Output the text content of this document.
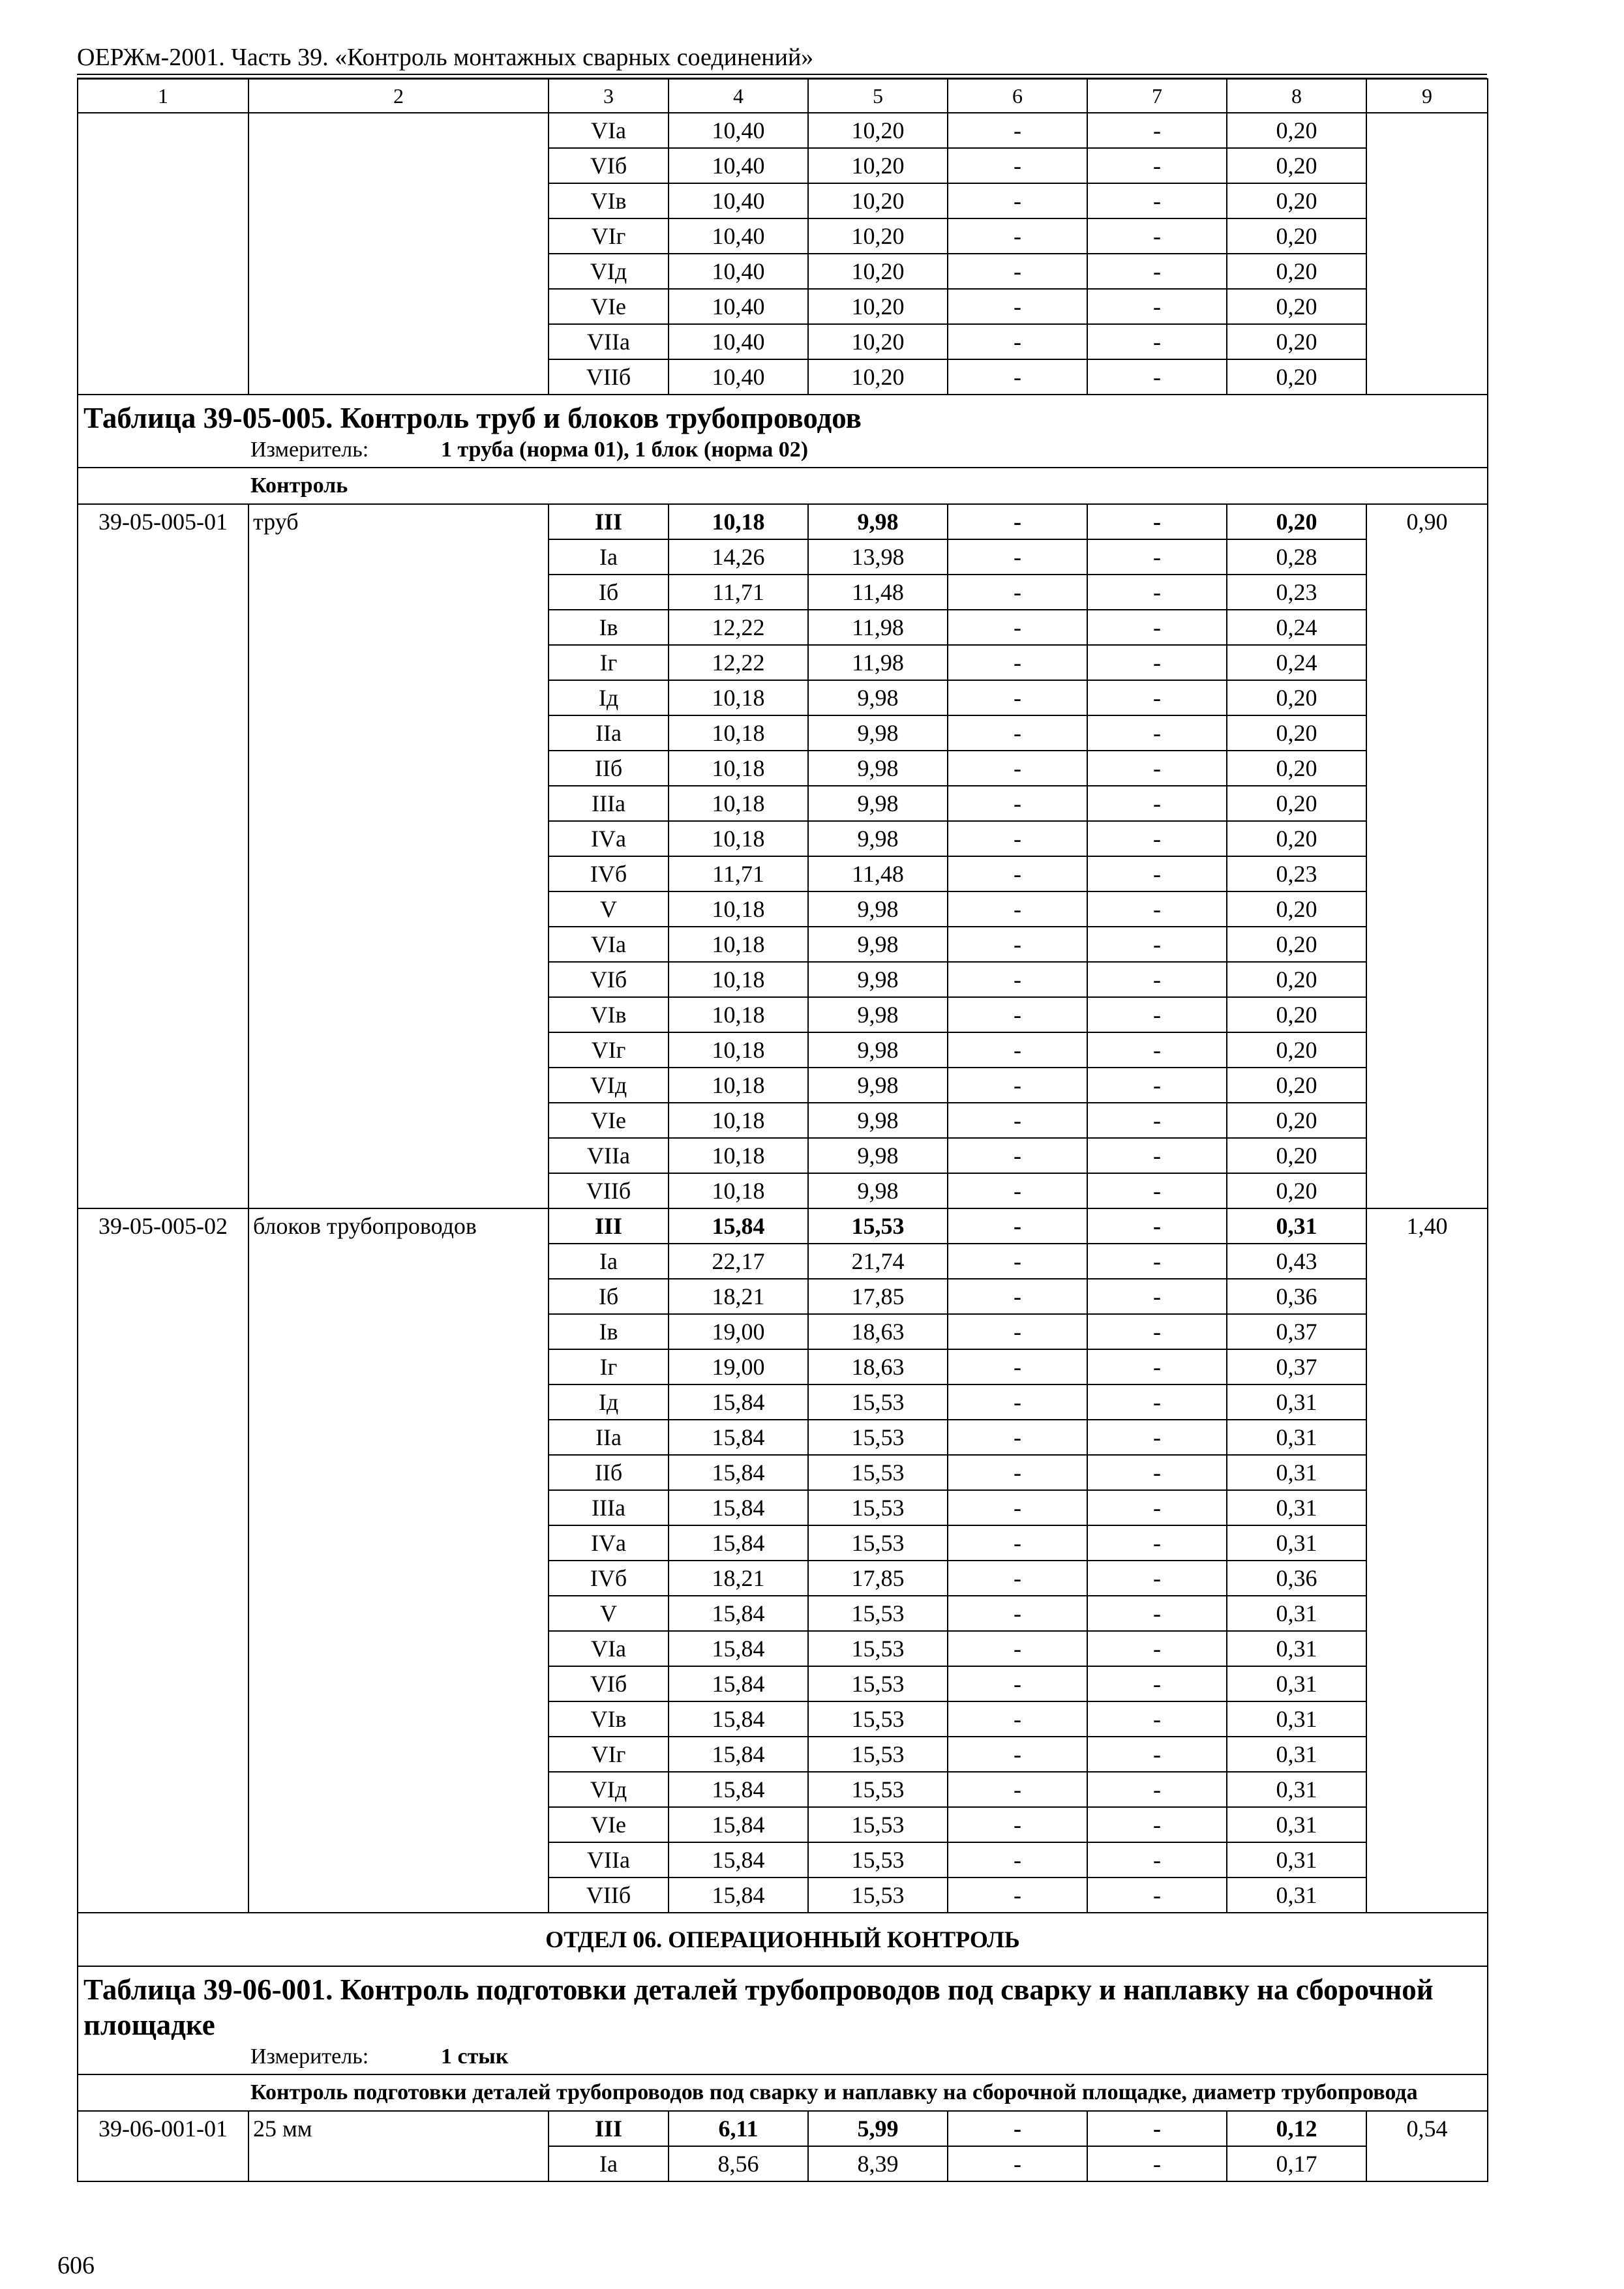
ОЕРЖм-2001. Часть 39. «Контроль монтажных сварных соединений»
1	2	3	4	5	6	7	8	9
		VIа	10,40	10,20	-	-	0,20	
		VIб	10,40	10,20	-	-	0,20	
		VIв	10,40	10,20	-	-	0,20	
		VIг	10,40	10,20	-	-	0,20	
		VIд	10,40	10,20	-	-	0,20	
		VIе	10,40	10,20	-	-	0,20	
		VIIа	10,40	10,20	-	-	0,20	
		VIIб	10,40	10,20	-	-	0,20	

Таблица 39-05-005. Контроль труб и блоков трубопроводов
Измеритель: 1 труба (норма 01), 1 блок (норма 02)								

Контроль								

39-05-005-01	труб	III	10,18	9,98	-	-	0,20	0,90
		Iа	14,26	13,98	-	-	0,28	
		Iб	11,71	11,48	-	-	0,23	
		Iв	12,22	11,98	-	-	0,24	
		Iг	12,22	11,98	-	-	0,24	
		Iд	10,18	9,98	-	-	0,20	
		IIа	10,18	9,98	-	-	0,20	
		IIб	10,18	9,98	-	-	0,20	
		IIIа	10,18	9,98	-	-	0,20	
		IVа	10,18	9,98	-	-	0,20	
		IVб	11,71	11,48	-	-	0,23	
		V	10,18	9,98	-	-	0,20	
		VIа	10,18	9,98	-	-	0,20	
		VIб	10,18	9,98	-	-	0,20	
		VIв	10,18	9,98	-	-	0,20	
		VIг	10,18	9,98	-	-	0,20	
		VIд	10,18	9,98	-	-	0,20	
		VIе	10,18	9,98	-	-	0,20	
		VIIа	10,18	9,98	-	-	0,20	
		VIIб	10,18	9,98	-	-	0,20	
39-05-005-02	блоков трубопроводов	III	15,84	15,53	-	-	0,31	1,40
		Iа	22,17	21,74	-	-	0,43	
		Iб	18,21	17,85	-	-	0,36	
		Iв	19,00	18,63	-	-	0,37	
		Iг	19,00	18,63	-	-	0,37	
		Iд	15,84	15,53	-	-	0,31	
		IIа	15,84	15,53	-	-	0,31	
		IIб	15,84	15,53	-	-	0,31	
		IIIа	15,84	15,53	-	-	0,31	
		IVа	15,84	15,53	-	-	0,31	
		IVб	18,21	17,85	-	-	0,36	
		V	15,84	15,53	-	-	0,31	
		VIа	15,84	15,53	-	-	0,31	
		VIб	15,84	15,53	-	-	0,31	
		VIв	15,84	15,53	-	-	0,31	
		VIг	15,84	15,53	-	-	0,31	
		VIд	15,84	15,53	-	-	0,31	
		VIе	15,84	15,53	-	-	0,31	
		VIIа	15,84	15,53	-	-	0,31	
		VIIб	15,84	15,53	-	-	0,31	
ОТДЕЛ 06. ОПЕРАЦИОННЫЙ КОНТРОЛЬ								

Таблица 39-06-001. Контроль подготовки деталей трубопроводов под сварку и наплавку на сборочной площадке
Измеритель: 1 стык								

Контроль подготовки деталей трубопроводов под сварку и наплавку на сборочной площадке, диаметр трубопровода								

39-06-001-01	25 мм	III	6,11	5,99	-	-	0,12	0,54
		Iа	8,56	8,39	-	-	0,17	
606
